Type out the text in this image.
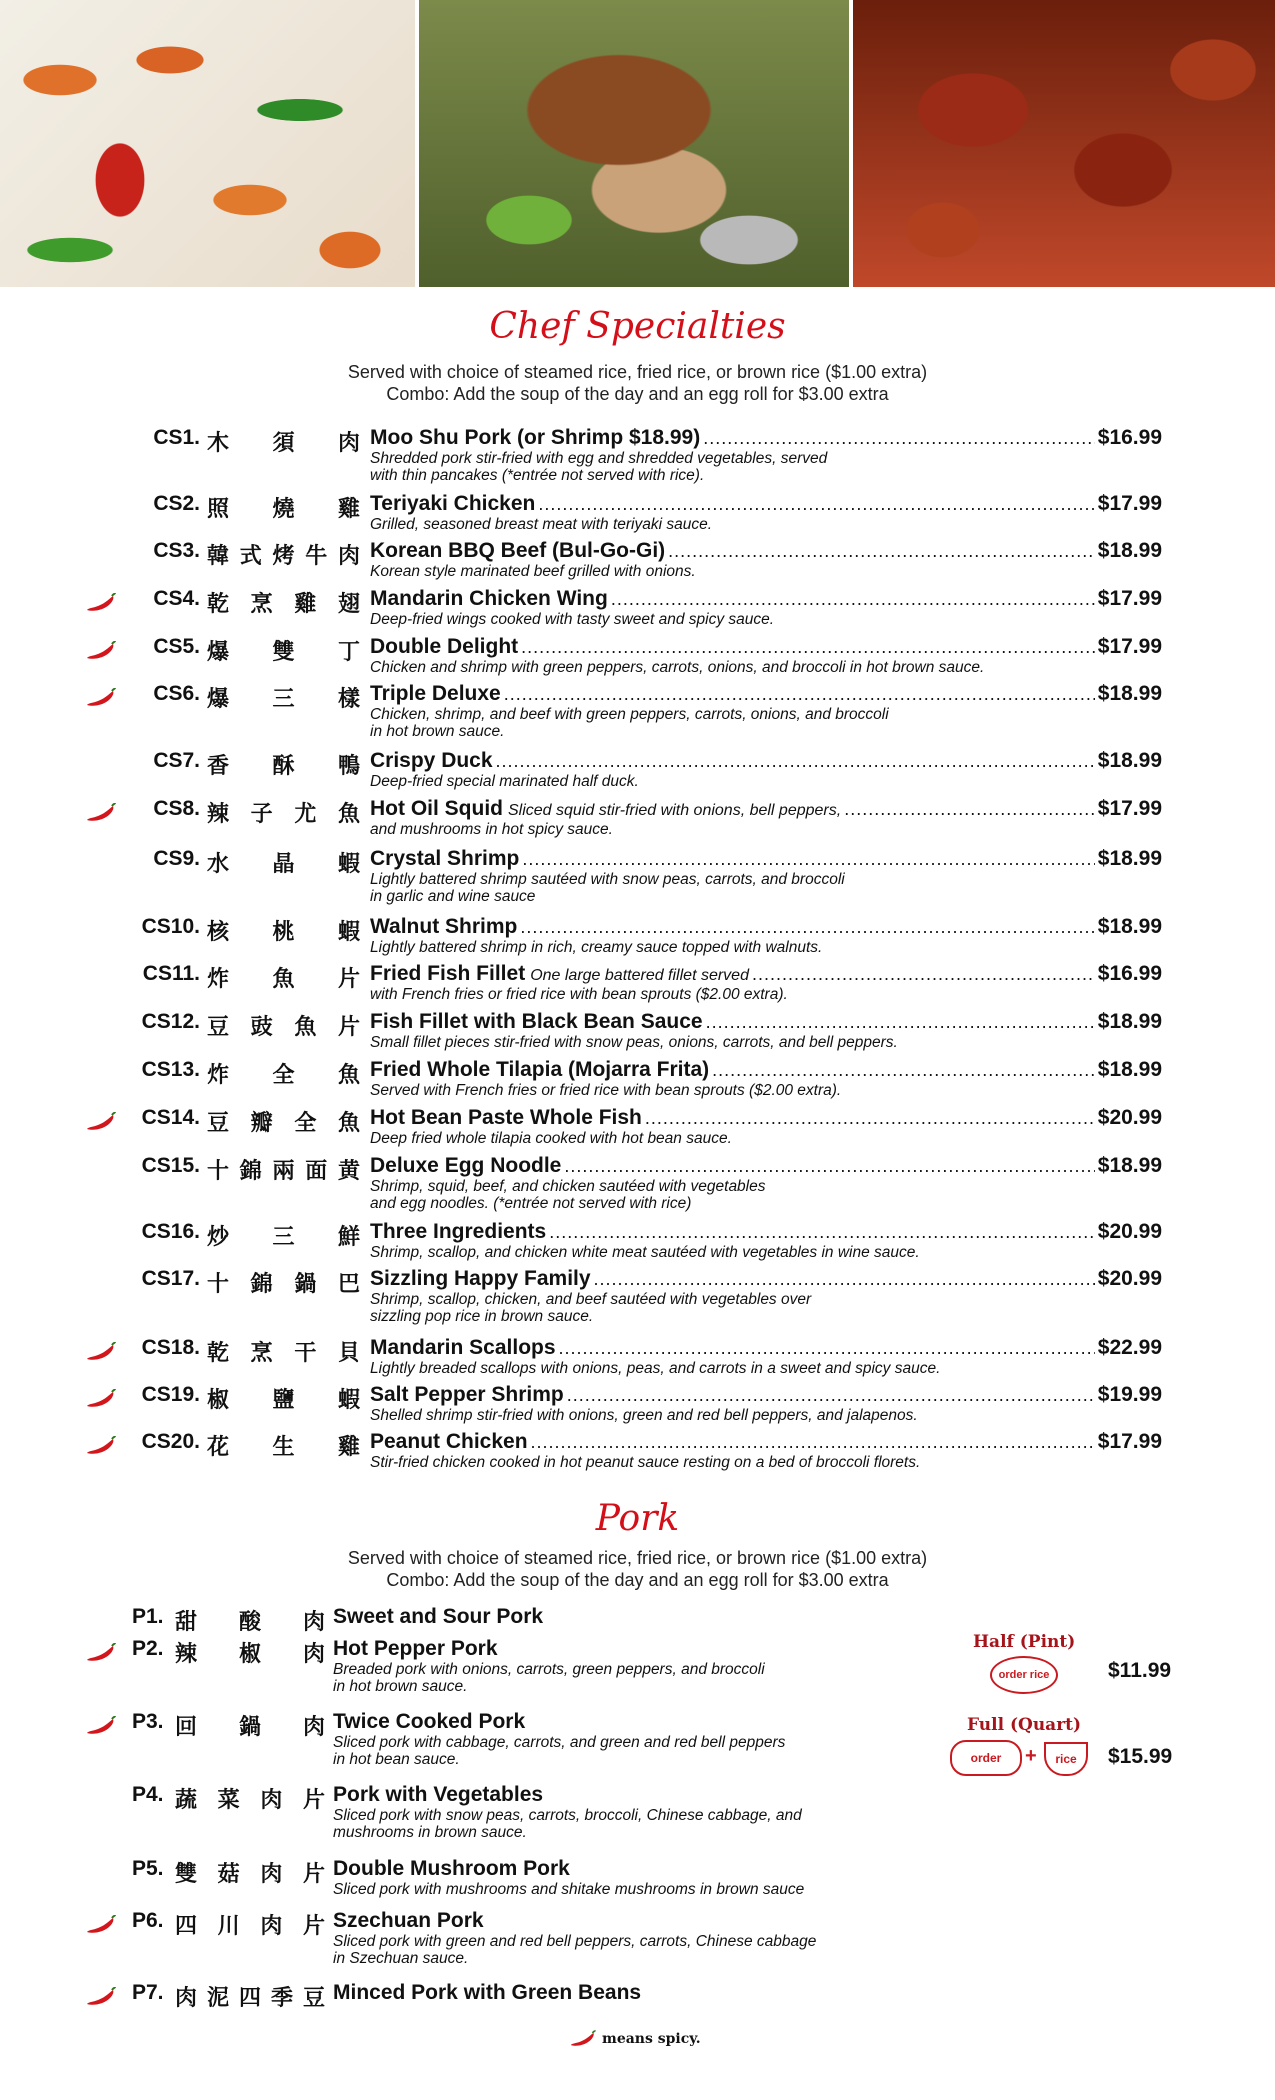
Chef Specialties
Served with choice of steamed rice, fried rice, or brown rice ($1.00 extra)
Combo: Add the soup of the day and an egg roll for $3.00 extra
CS1. 木須肉 Moo Shu Pork (or Shrimp $18.99) .....	$16.99
Shredded pork stir-fried with egg and shredded vegetables, served
with thin pancakes (*entrée not served with rice).
CS2. 照燒雞 Teriyaki Chicken .....	$17.99
Grilled, seasoned breast meat with teriyaki sauce.
CS3. 韓式烤牛肉 Korean BBQ Beef (Bul-Go-Gi) .....	$18.99
Korean style marinated beef grilled with onions.
CS4. 乾烹雞翅 Mandarin Chicken Wing .....	$17.99
Deep-fried wings cooked with tasty sweet and spicy sauce.
CS5. 爆雙丁 Double Delight .....	$17.99
Chicken and shrimp with green peppers, carrots, onions, and broccoli in hot brown sauce.
CS6. 爆三樣 Triple Deluxe .....	$18.99
Chicken, shrimp, and beef with green peppers, carrots, onions, and broccoli
in hot brown sauce.
CS7. 香酥鴨 Crispy Duck .....	$18.99
Deep-fried special marinated half duck.
CS8. 辣子尤魚 Hot Oil Squid Sliced squid stir-fried with onions, bell peppers, .....	$17.99
and mushrooms in hot spicy sauce.
CS9. 水晶蝦 Crystal Shrimp .....	$18.99
Lightly battered shrimp sautéed with snow peas, carrots, and broccoli
in garlic and wine sauce
CS10. 核桃蝦 Walnut Shrimp .....	$18.99
Lightly battered shrimp in rich, creamy sauce topped with walnuts.
CS11. 炸魚片 Fried Fish Fillet One large battered fillet served .....	$16.99
with French fries or fried rice with bean sprouts ($2.00 extra).
CS12. 豆豉魚片 Fish Fillet with Black Bean Sauce .....	$18.99
Small fillet pieces stir-fried with snow peas, onions, carrots, and bell peppers.
CS13. 炸全魚 Fried Whole Tilapia (Mojarra Frita) .....	$18.99
Served with French fries or fried rice with bean sprouts ($2.00 extra).
CS14. 豆瓣全魚 Hot Bean Paste Whole Fish .....	$20.99
Deep fried whole tilapia cooked with hot bean sauce.
CS15. 十錦兩面黄 Deluxe Egg Noodle .....	$18.99
Shrimp, squid, beef, and chicken sautéed with vegetables
and egg noodles. (*entrée not served with rice)
CS16. 炒三鮮 Three Ingredients .....	$20.99
Shrimp, scallop, and chicken white meat sautéed with vegetables in wine sauce.
CS17. 十錦鍋巴 Sizzling Happy Family .....	$20.99
Shrimp, scallop, chicken, and beef sautéed with vegetables over
sizzling pop rice in brown sauce.
CS18. 乾烹干貝 Mandarin Scallops .....	$22.99
Lightly breaded scallops with onions, peas, and carrots in a sweet and spicy sauce.
CS19. 椒鹽蝦 Salt Pepper Shrimp .....	$19.99
Shelled shrimp stir-fried with onions, green and red bell peppers, and jalapenos.
CS20. 花生雞 Peanut Chicken .....	$17.99
Stir-fried chicken cooked in hot peanut sauce resting on a bed of broccoli florets.
Pork
Served with choice of steamed rice, fried rice, or brown rice ($1.00 extra)
Combo: Add the soup of the day and an egg roll for $3.00 extra
P1. 甜酸肉 Sweet and Sour Pork
P2. 辣椒肉 Hot Pepper Pork
Breaded pork with onions, carrots, green peppers, and broccoli
in hot brown sauce.
P3. 回鍋肉 Twice Cooked Pork
Sliced pork with cabbage, carrots, and green and red bell peppers
in hot bean sauce.
P4. 蔬菜肉片 Pork with Vegetables
Sliced pork with snow peas, carrots, broccoli, Chinese cabbage, and
mushrooms in brown sauce.
P5. 雙菇肉片 Double Mushroom Pork
Sliced pork with mushrooms and shitake mushrooms in brown sauce
P6. 四川肉片 Szechuan Pork
Sliced pork with green and red bell peppers, carrots, Chinese cabbage
in Szechuan sauce.
P7. 肉泥四季豆 Minced Pork with Green Beans
Half (Pint)
order rice	$11.99
Full (Quart)
order	+	rice	$15.99
means spicy.
